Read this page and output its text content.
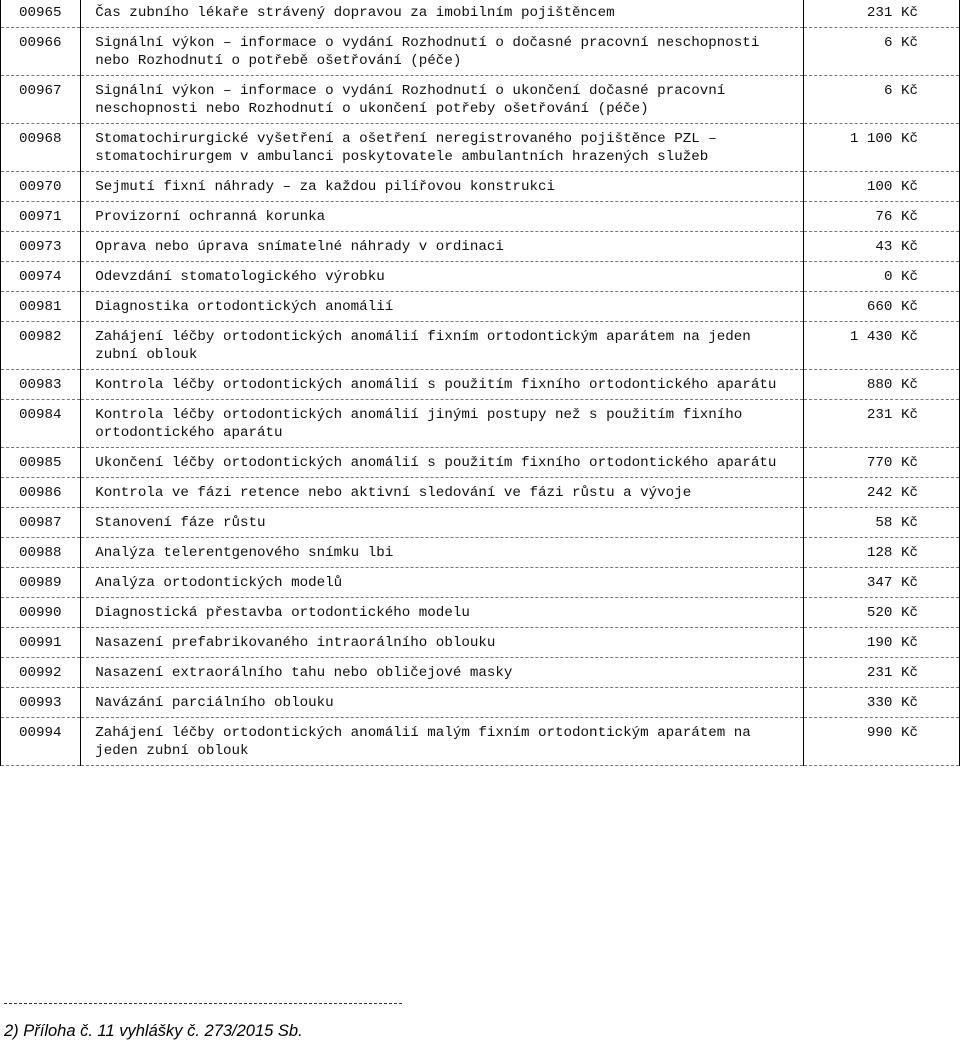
00965	Čas zubního lékaře strávený dopravou za imobilním pojištěncem	231 Kč
00966	Signální výkon – informace o vydání Rozhodnutí o dočasné pracovní neschopnosti nebo Rozhodnutí o potřebě ošetřování (péče)	6 Kč
00967	Signální výkon – informace o vydání Rozhodnutí o ukončení dočasné pracovní neschopnosti nebo Rozhodnutí o ukončení potřeby ošetřování (péče)	6 Kč
00968	Stomatochirurgické vyšetření a ošetření neregistrovaného pojištěnce PZL – stomatochirurgem v ambulanci poskytovatele ambulantních hrazených služeb	1 100 Kč
00970	Sejmutí fixní náhrady – za každou pilířovou konstrukci	100 Kč
00971	Provizorní ochranná korunka	76 Kč
00973	Oprava nebo úprava snímatelné náhrady v ordinaci	43 Kč
00974	Odevzdání stomatologického výrobku	0 Kč
00981	Diagnostika ortodontických anomálií	660 Kč
00982	Zahájení léčby ortodontických anomálií fixním ortodontickým aparátem na jeden zubní oblouk	1 430 Kč
00983	Kontrola léčby ortodontických anomálií s použitím fixního ortodontického aparátu	880 Kč
00984	Kontrola léčby ortodontických anomálií jinými postupy než s použitím fixního ortodontického aparátu	231 Kč
00985	Ukončení léčby ortodontických anomálií s použitím fixního ortodontického aparátu	770 Kč
00986	Kontrola ve fázi retence nebo aktivní sledování ve fázi růstu a vývoje	242 Kč
00987	Stanovení fáze růstu	58 Kč
00988	Analýza telerentgenového snímku lbi	128 Kč
00989	Analýza ortodontických modelů	347 Kč
00990	Diagnostická přestavba ortodontického modelu	520 Kč
00991	Nasazení prefabrikovaného intraorálního oblouku	190 Kč
00992	Nasazení extraorálního tahu nebo obličejové masky	231 Kč
00993	Navázání parciálního oblouku	330 Kč
00994	Zahájení léčby ortodontických anomálií malým fixním ortodontickým aparátem na jeden zubní oblouk	990 Kč
2) Příloha č. 11 vyhlášky č. 273/2015 Sb.
